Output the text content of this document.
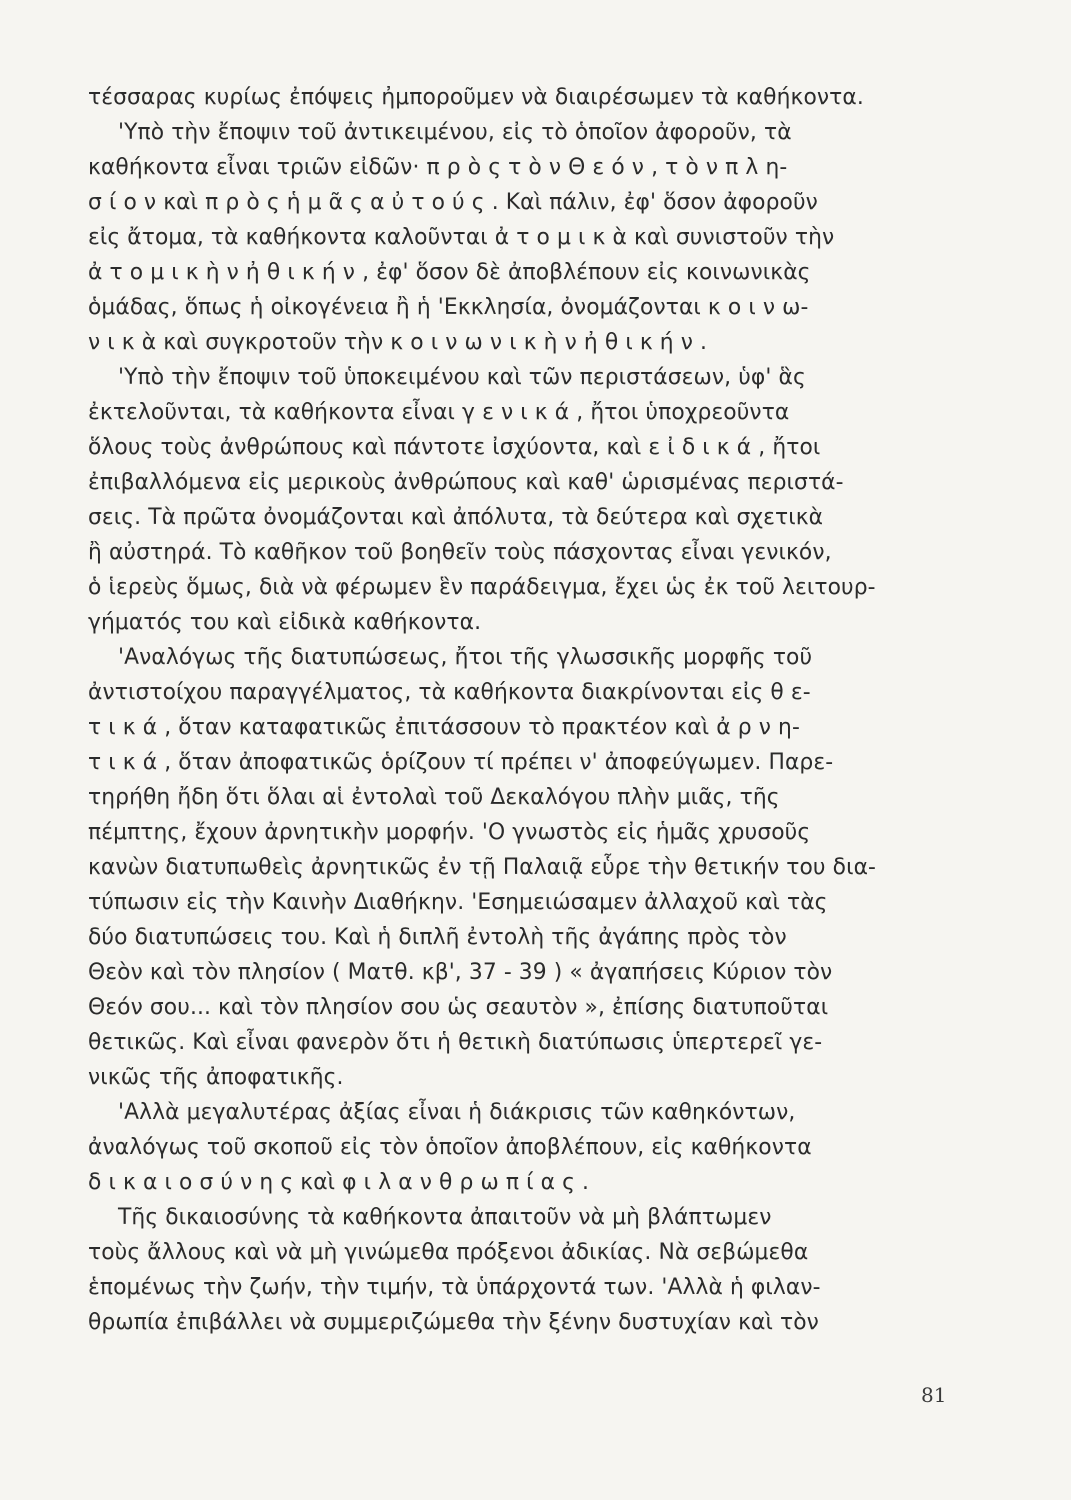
τέσσαρας κυρίως ἐπόψεις ἠμποροῦμεν νὰ διαιρέσωμεν τὰ καθήκοντα.
'Υπὸ τὴν ἔποψιν τοῦ ἀντικειμένου, εἰς τὸ ὁποῖον ἀφοροῦν, τὰ
καθήκοντα εἶναι τριῶν εἰδῶν· π ρ ὸ ς τ ὸ ν Θ ε ό ν , τ ὸ ν π λ η-
σ ί ο ν καὶ π ρ ὸ ς ἡ μ ᾶ ς α ὐ τ ο ύ ς . Καὶ πάλιν, ἐφ' ὅσον ἀφοροῦν
εἰς ἄτομα, τὰ καθήκοντα καλοῦνται ἀ τ ο μ ι κ ὰ καὶ συνιστοῦν τὴν
ἀ τ ο μ ι κ ὴ ν ἠ θ ι κ ή ν , ἐφ' ὅσον δὲ ἀποβλέπουν εἰς κοινωνικὰς
ὁμάδας, ὅπως ἡ οἰκογένεια ἢ ἡ 'Εκκλησία, ὀνομάζονται κ ο ι ν ω-
ν ι κ ὰ καὶ συγκροτοῦν τὴν κ ο ι ν ω ν ι κ ὴ ν ἠ θ ι κ ή ν .
'Υπὸ τὴν ἔποψιν τοῦ ὑποκειμένου καὶ τῶν περιστάσεων, ὑφ' ἃς
ἐκτελοῦνται, τὰ καθήκοντα εἶναι γ ε ν ι κ ά , ἤτοι ὑποχρεοῦντα
ὅλους τοὺς ἀνθρώπους καὶ πάντοτε ἰσχύοντα, καὶ ε ἰ δ ι κ ά , ἤτοι
ἐπιβαλλόμενα εἰς μερικοὺς ἀνθρώπους καὶ καθ' ὡρισμένας περιστά-
σεις. Τὰ πρῶτα ὀνομάζονται καὶ ἀπόλυτα, τὰ δεύτερα καὶ σχετικὰ
ἢ αὐστηρά. Τὸ καθῆκον τοῦ βοηθεῖν τοὺς πάσχοντας εἶναι γενικόν,
ὁ ἱερεὺς ὅμως, διὰ νὰ φέρωμεν ἓν παράδειγμα, ἔχει ὡς ἐκ τοῦ λειτουρ-
γήματός του καὶ εἰδικὰ καθήκοντα.
'Αναλόγως τῆς διατυπώσεως, ἤτοι τῆς γλωσσικῆς μορφῆς τοῦ
ἀντιστοίχου παραγγέλματος, τὰ καθήκοντα διακρίνονται εἰς θ ε-
τ ι κ ά , ὅταν καταφατικῶς ἐπιτάσσουν τὸ πρακτέον καὶ ἀ ρ ν η-
τ ι κ ά , ὅταν ἀποφατικῶς ὁρίζουν τί πρέπει ν' ἀποφεύγωμεν. Παρε-
τηρήθη ἤδη ὅτι ὅλαι αἱ ἐντολαὶ τοῦ Δεκαλόγου πλὴν μιᾶς, τῆς
πέμπτης, ἔχουν ἀρνητικὴν μορφήν. 'Ο γνωστὸς εἰς ἡμᾶς χρυσοῦς
κανὼν διατυπωθεὶς ἀρνητικῶς ἐν τῇ Παλαιᾷ εὗρε τὴν θετικήν του δια-
τύπωσιν εἰς τὴν Καινὴν Διαθήκην. 'Εσημειώσαμεν ἀλλαχοῦ καὶ τὰς
δύο διατυπώσεις του. Καὶ ἡ διπλῆ ἐντολὴ τῆς ἀγάπης πρὸς τὸν
Θεὸν καὶ τὸν πλησίον ( Ματθ. κβ', 37 - 39 ) « ἀγαπήσεις Κύριον τὸν
Θεόν σου... καὶ τὸν πλησίον σου ὡς σεαυτὸν », ἐπίσης διατυποῦται
θετικῶς. Καὶ εἶναι φανερὸν ὅτι ἡ θετικὴ διατύπωσις ὑπερτερεῖ γε-
νικῶς τῆς ἀποφατικῆς.
'Αλλὰ μεγαλυτέρας ἀξίας εἶναι ἡ διάκρισις τῶν καθηκόντων,
ἀναλόγως τοῦ σκοποῦ εἰς τὸν ὁποῖον ἀποβλέπουν, εἰς καθήκοντα
δ ι κ α ι ο σ ύ ν η ς καὶ φ ι λ α ν θ ρ ω π ί α ς .
Τῆς δικαιοσύνης τὰ καθήκοντα ἀπαιτοῦν νὰ μὴ βλάπτωμεν
τοὺς ἄλλους καὶ νὰ μὴ γινώμεθα πρόξενοι ἀδικίας. Νὰ σεβώμεθα
ἑπομένως τὴν ζωήν, τὴν τιμήν, τὰ ὑπάρχοντά των. 'Αλλὰ ἡ φιλαν-
θρωπία ἐπιβάλλει νὰ συμμεριζώμεθα τὴν ξένην δυστυχίαν καὶ τὸν
81
